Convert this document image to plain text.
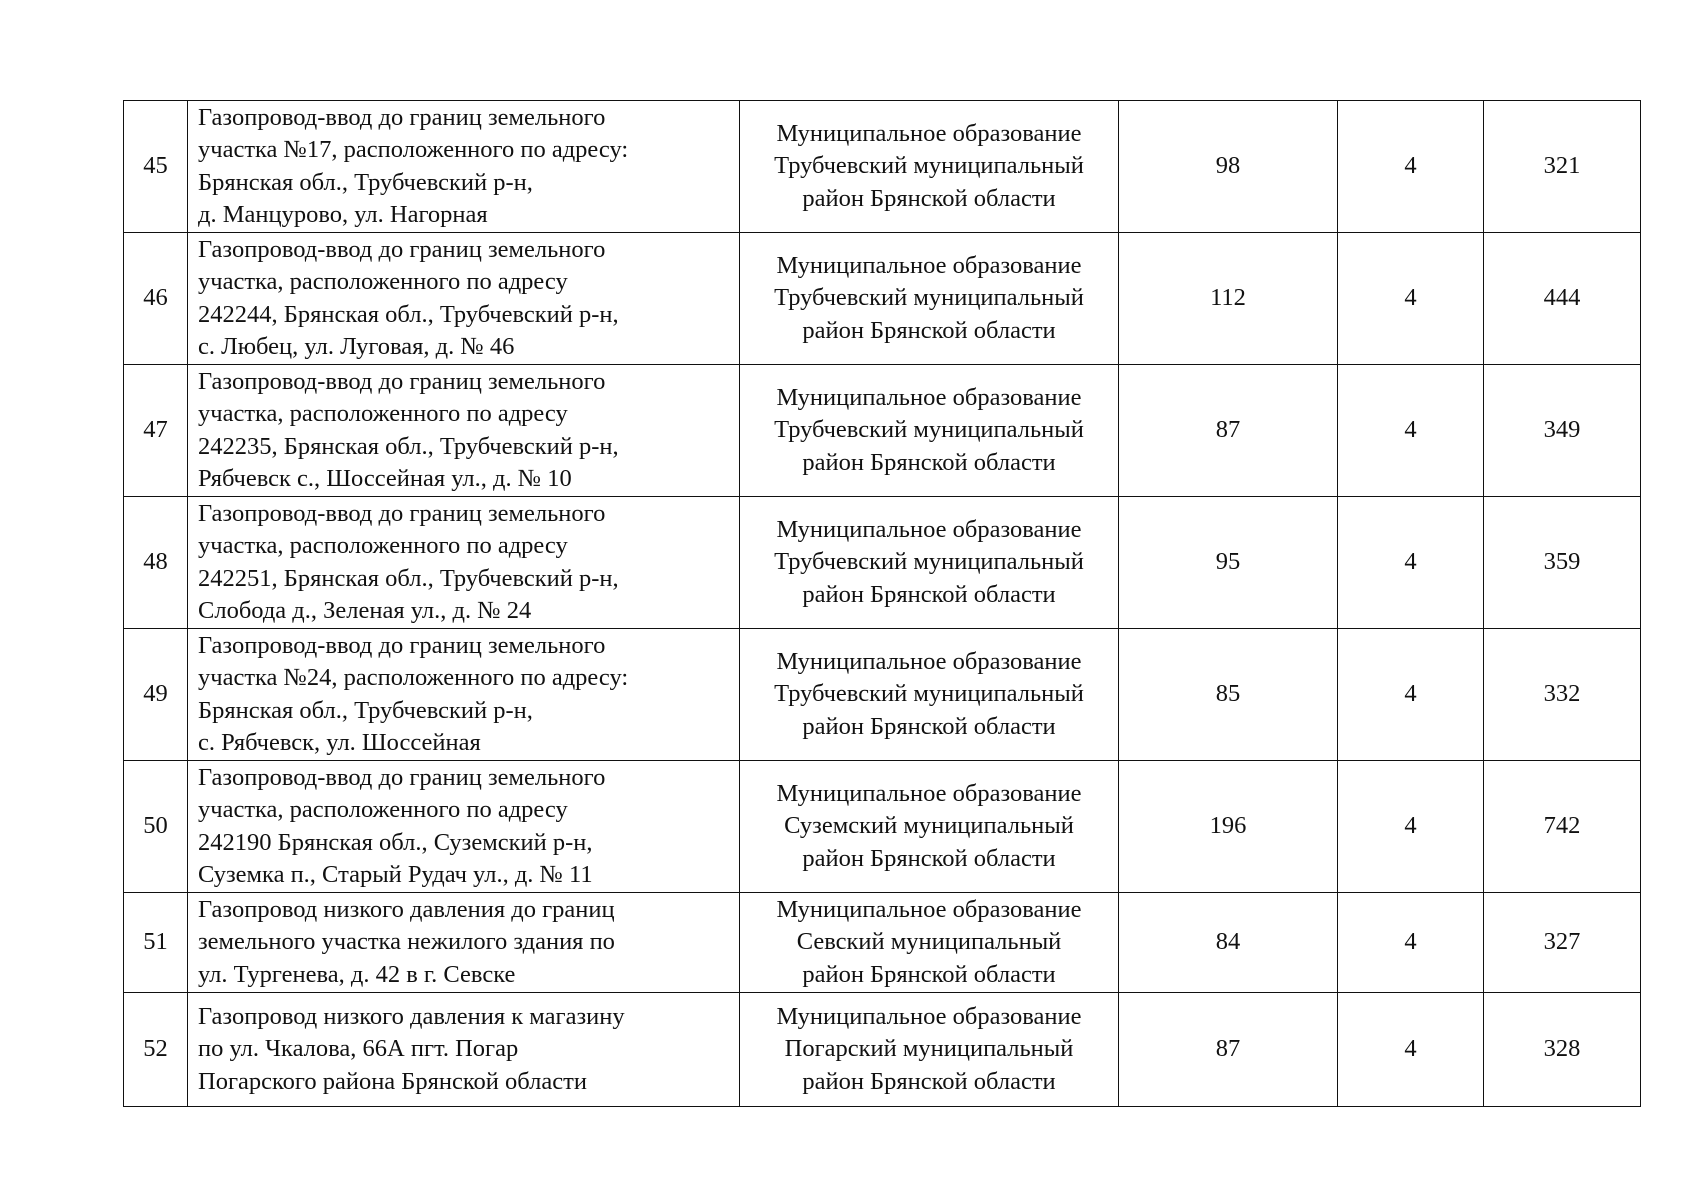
45	Газопровод-ввод до границ земельного
участка №17, расположенного по адресу:
Брянская обл., Трубчевский р-н,
д. Манцурово, ул. Нагорная	Муниципальное образование
Трубчевский муниципальный
район Брянской области	98	4	321
46	Газопровод-ввод до границ земельного
участка, расположенного по адресу
242244, Брянская обл., Трубчевский р-н,
с. Любец, ул. Луговая, д. № 46	Муниципальное образование
Трубчевский муниципальный
район Брянской области	112	4	444
47	Газопровод-ввод до границ земельного
участка, расположенного по адресу
242235, Брянская обл., Трубчевский р-н,
Рябчевск с., Шоссейная ул., д. № 10	Муниципальное образование
Трубчевский муниципальный
район Брянской области	87	4	349
48	Газопровод-ввод до границ земельного
участка, расположенного по адресу
242251, Брянская обл., Трубчевский р-н,
Слобода д., Зеленая ул., д. № 24	Муниципальное образование
Трубчевский муниципальный
район Брянской области	95	4	359
49	Газопровод-ввод до границ земельного
участка №24, расположенного по адресу:
Брянская обл., Трубчевский р-н,
с. Рябчевск, ул. Шоссейная	Муниципальное образование
Трубчевский муниципальный
район Брянской области	85	4	332
50	Газопровод-ввод до границ земельного
участка, расположенного по адресу
242190 Брянская обл., Суземский р-н,
Суземка п., Старый Рудач ул., д. № 11	Муниципальное образование
Суземский муниципальный
район Брянской области	196	4	742
51	Газопровод низкого давления до границ
земельного участка нежилого здания по
ул. Тургенева, д. 42 в г. Севске	Муниципальное образование
Севский муниципальный
район Брянской области	84	4	327
52	Газопровод низкого давления к магазину
по ул. Чкалова, 66А пгт. Погар
Погарского района Брянской области	Муниципальное образование
Погарский муниципальный
район Брянской области	87	4	328
